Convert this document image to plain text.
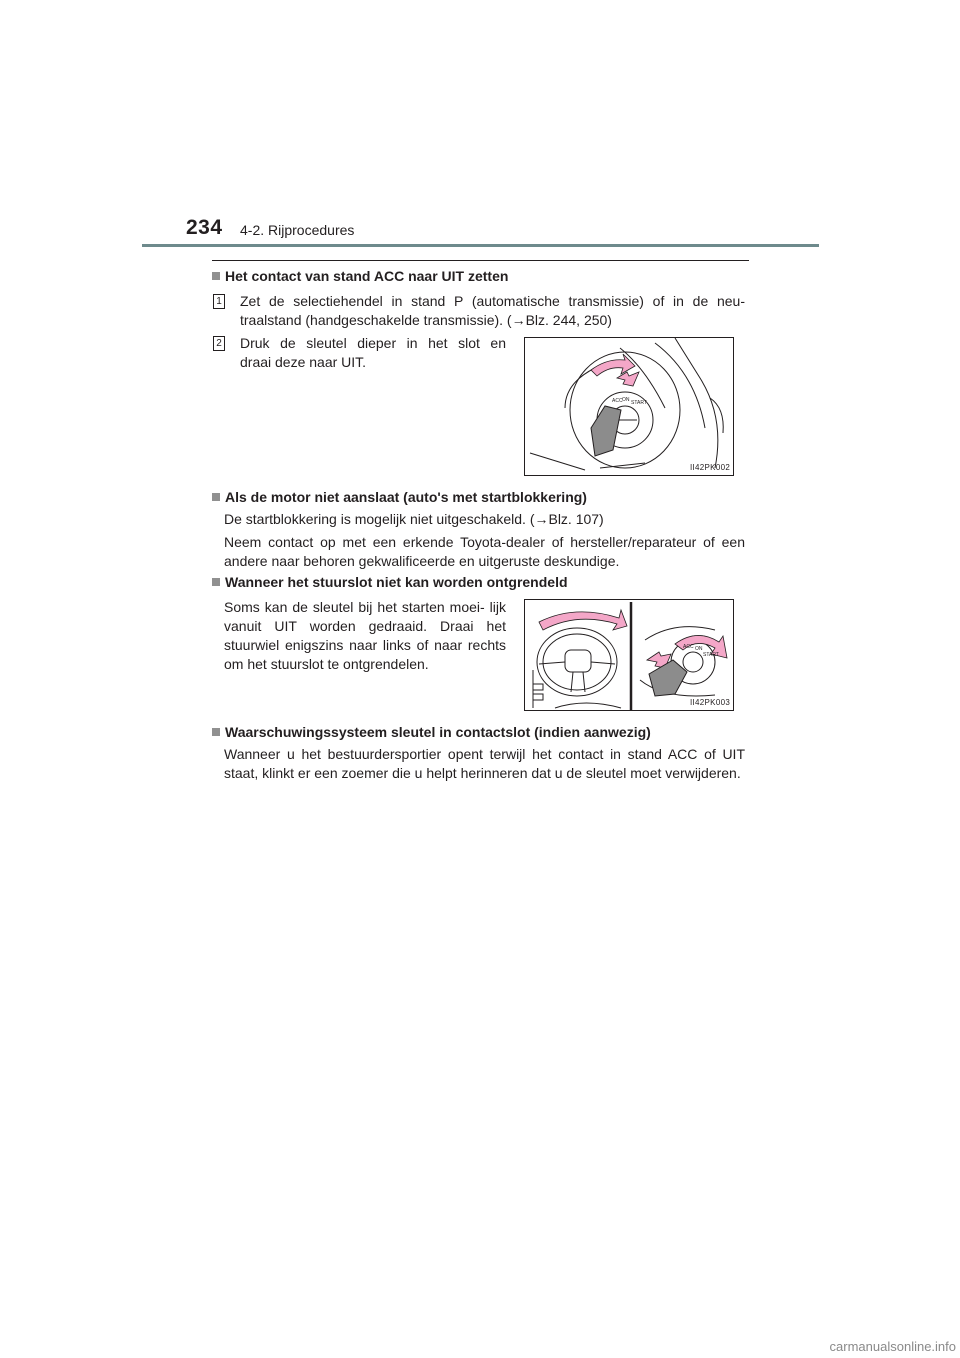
234 4-2. Rijprocedures
Het contact van stand ACC naar UIT zetten
1 Zet de selectiehendel in stand P (automatische transmissie) of in de neu-
traalstand (handgeschakelde transmissie). (→Blz. 244, 250)
2 Druk de sleutel dieper in het slot en
draai deze naar UIT.
ACC ON START
II42PK002
Als de motor niet aanslaat (auto's met startblokkering)
De startblokkering is mogelijk niet uitgeschakeld. (→Blz. 107)
Neem contact op met een erkende Toyota-dealer of hersteller/reparateur of een andere naar behoren gekwalificeerde en uitgeruste deskundige.
Wanneer het stuurslot niet kan worden ontgrendeld
Soms kan de sleutel bij het starten moei- lijk vanuit UIT worden gedraaid. Draai het stuurwiel enigszins naar links of naar rechts om het stuurslot te ontgrendelen.
ACC ON
START
II42PK003
Waarschuwingssysteem sleutel in contactslot (indien aanwezig)
Wanneer u het bestuurdersportier opent terwijl het contact in stand ACC of UIT staat, klinkt er een zoemer die u helpt herinneren dat u de sleutel moet verwijderen.
carmanualsonline.info
